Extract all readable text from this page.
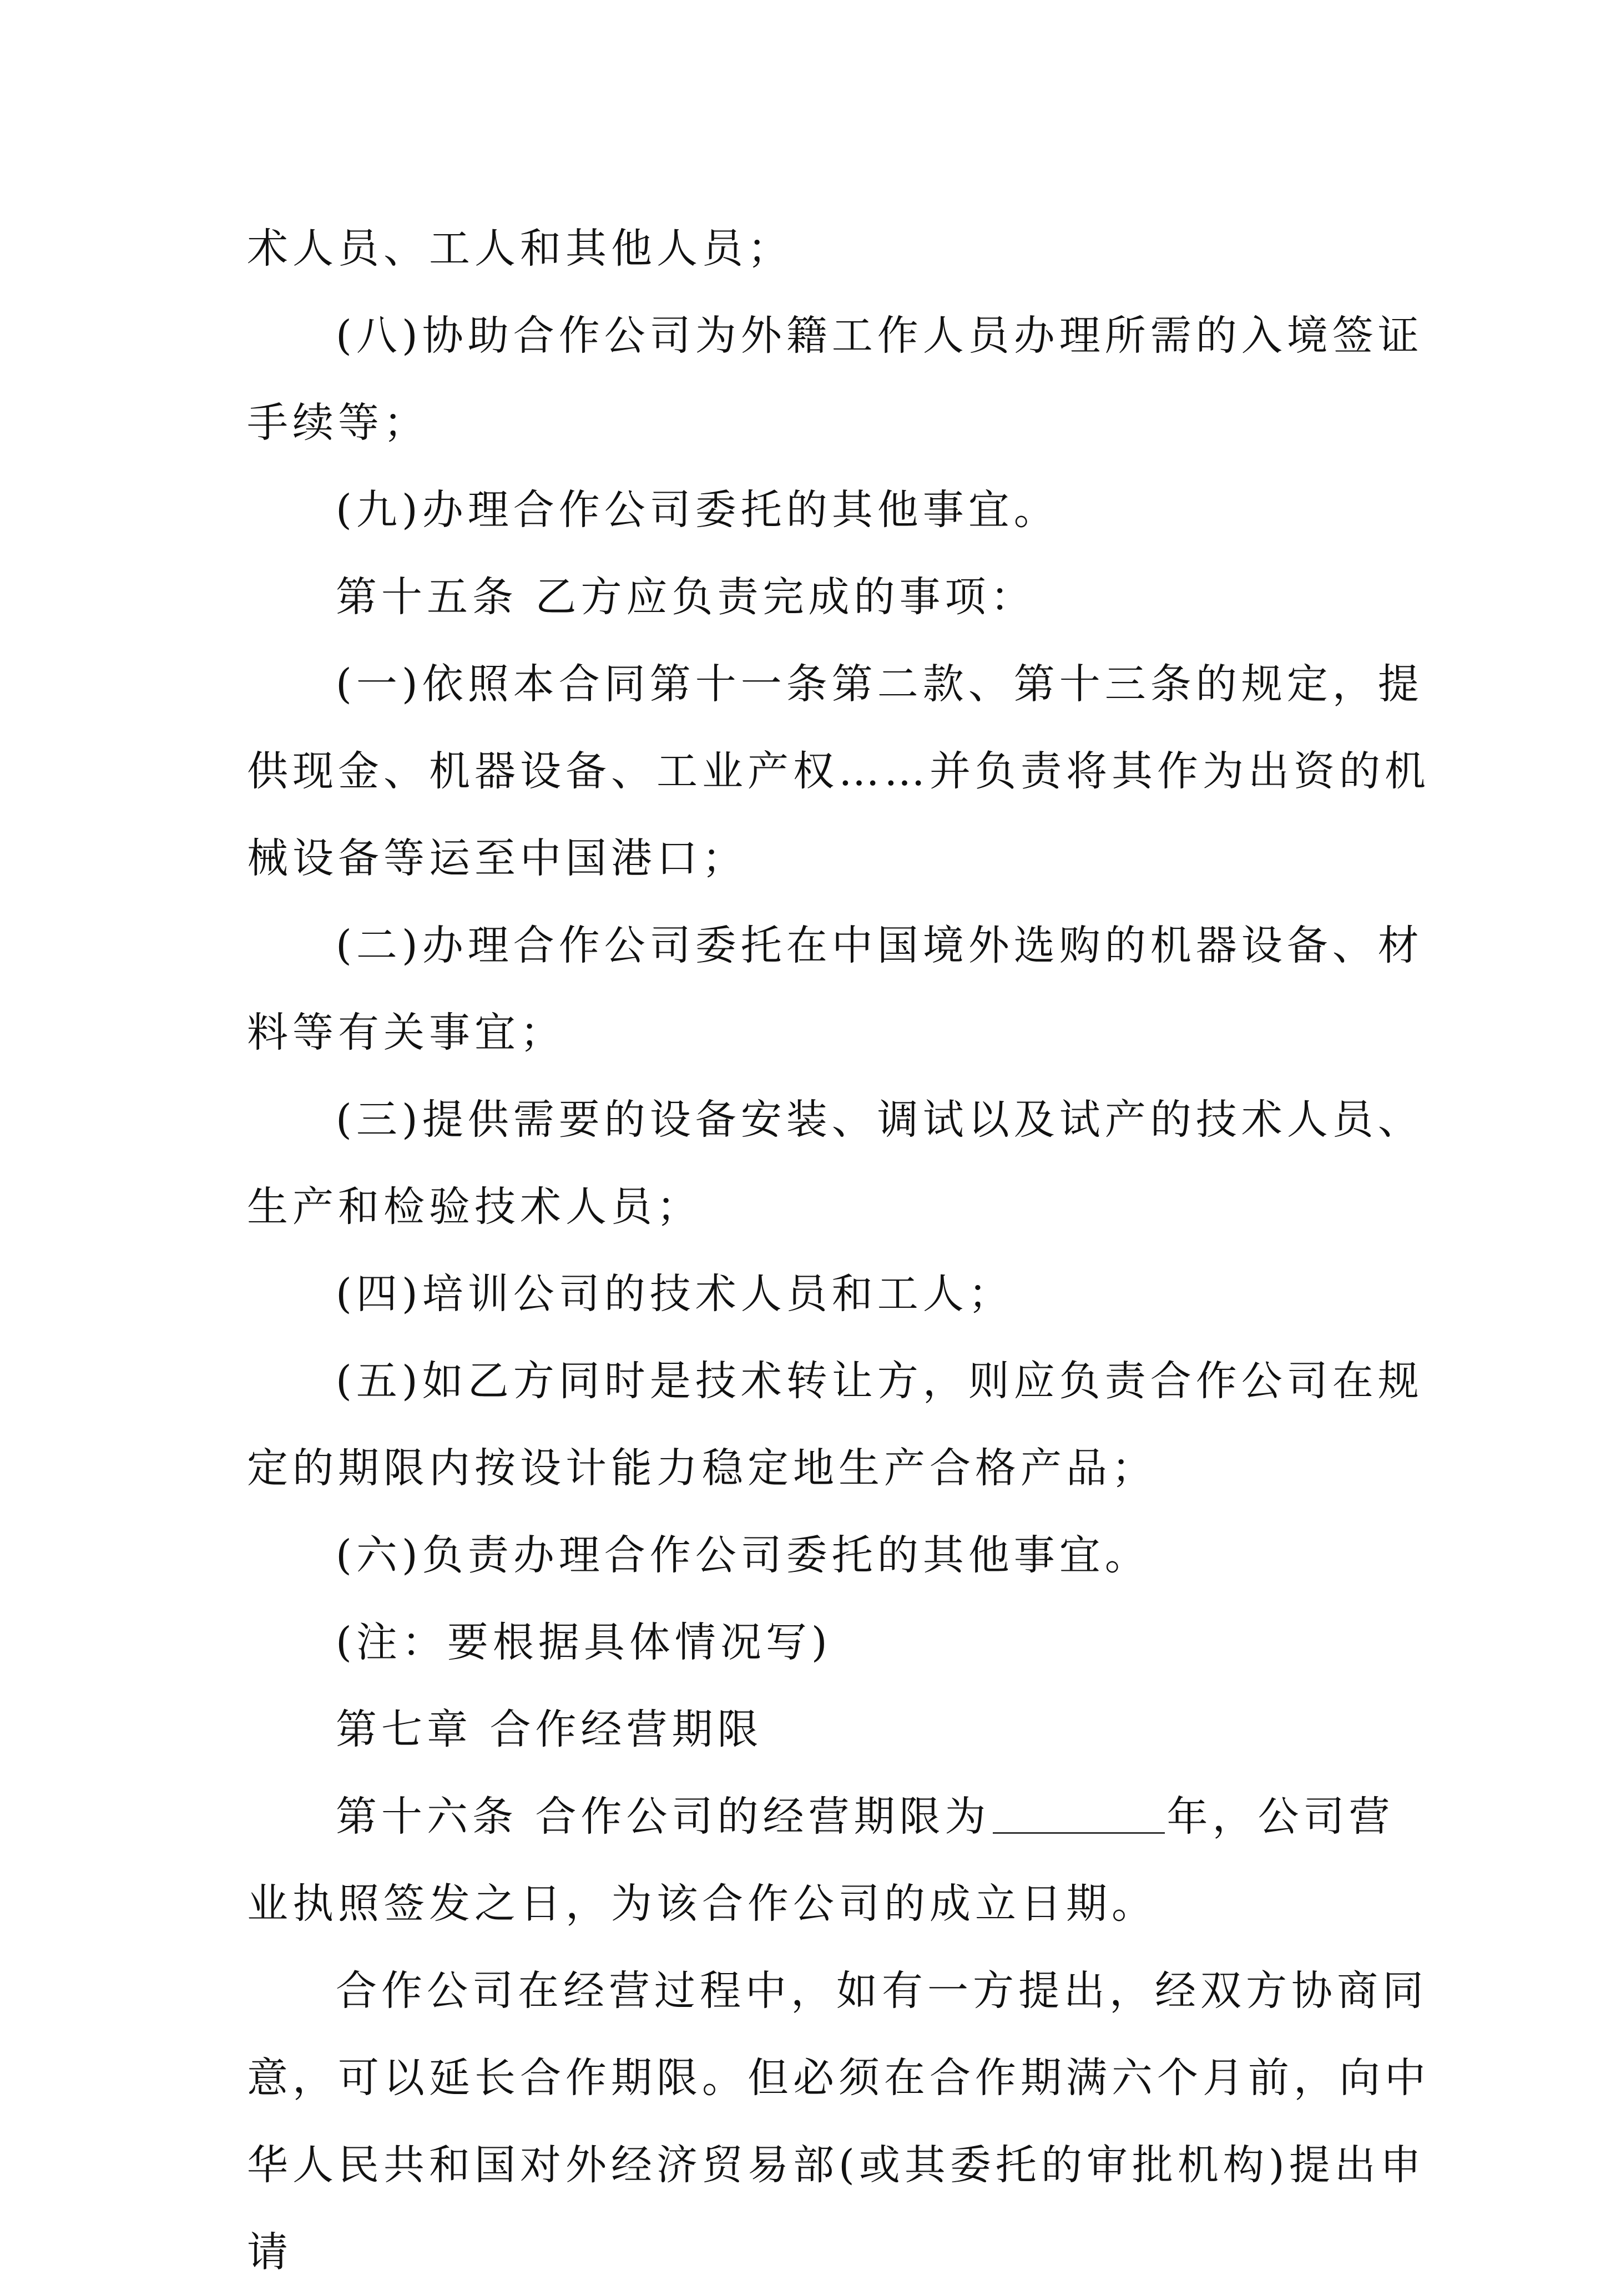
术人员、工人和其他人员；
(八)协助合作公司为外籍工作人员办理所需的入境签证
手续等；
(九)办理合作公司委托的其他事宜。
第十五条 乙方应负责完成的事项：
(一)依照本合同第十一条第二款、第十三条的规定，提
供现金、机器设备、工业产权……并负责将其作为出资的机
械设备等运至中国港口；
(二)办理合作公司委托在中国境外选购的机器设备、材
料等有关事宜；
(三)提供需要的设备安装、调试以及试产的技术人员、
生产和检验技术人员；
(四)培训公司的技术人员和工人；
(五)如乙方同时是技术转让方，则应负责合作公司在规
定的期限内按设计能力稳定地生产合格产品；
(六)负责办理合作公司委托的其他事宜。
(注：要根据具体情况写)
第七章 合作经营期限
第十六条 合作公司的经营期限为	年，公司营
业执照签发之日，为该合作公司的成立日期。
合作公司在经营过程中，如有一方提出，经双方协商同
意，可以延长合作期限。但必须在合作期满六个月前，向中
华人民共和国对外经济贸易部(或其委托的审批机构)提出申
请
